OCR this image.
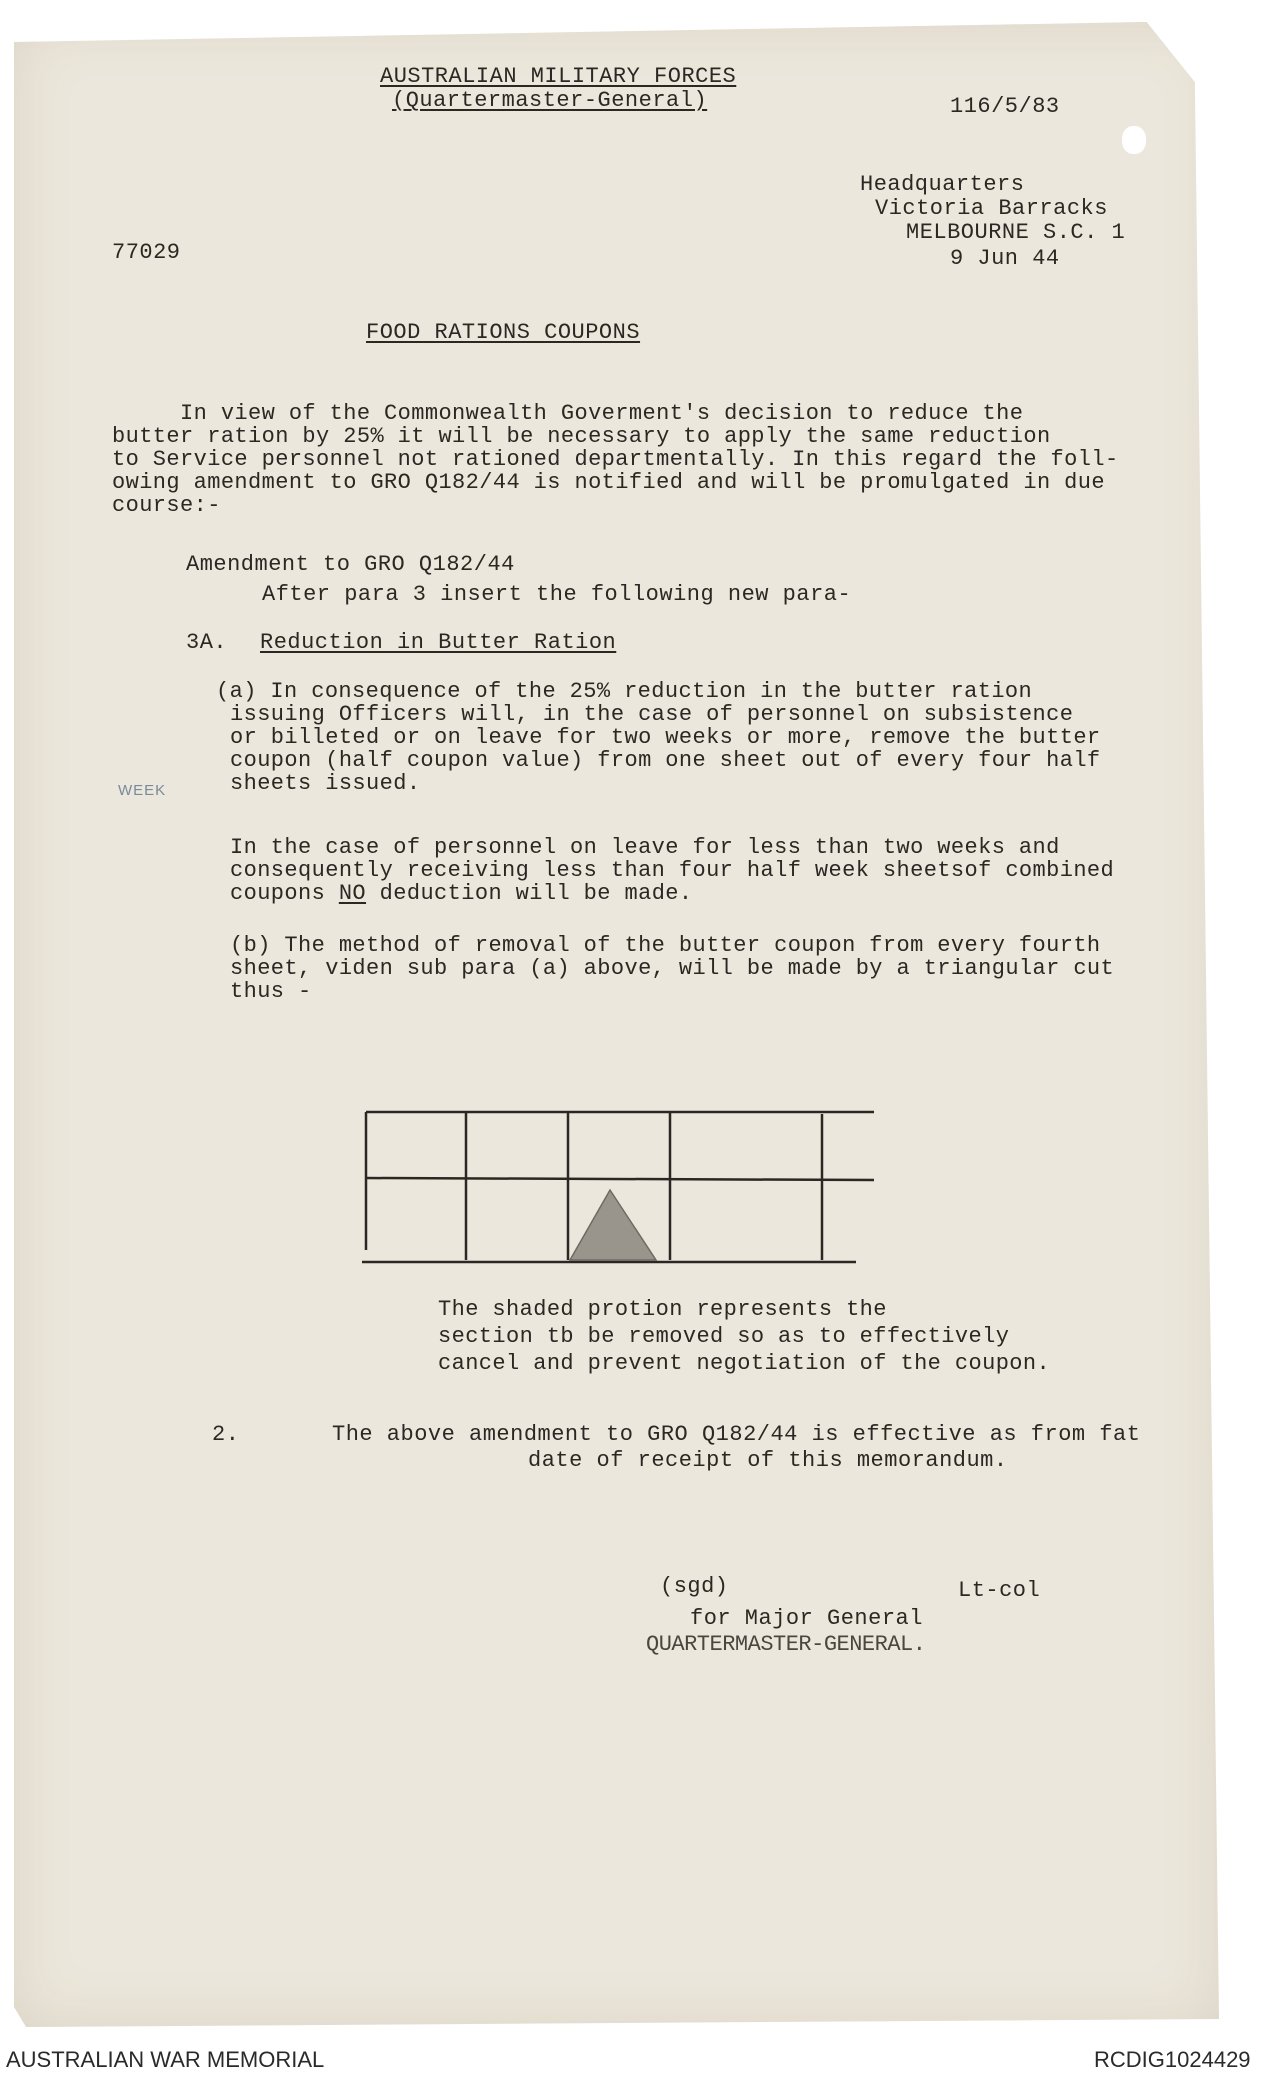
AUSTRALIAN MILITARY FORCES
(Quartermaster-General)	116/5/83
Headquarters
Victoria Barracks
MELBOURNE S.C. 1
9 Jun 44
77029
FOOD RATIONS COUPONS
In view of the Commonwealth Goverment's decision to reduce the
butter ration by 25% it will be necessary to apply the same reduction
to Service personnel not rationed departmentally. In this regard the foll-
owing amendment to GRO Q182/44 is notified and will be promulgated in due
course:-
Amendment to GRO Q182/44
After para 3 insert the following new para-
3A. Reduction in Butter Ration
(a) In consequence of the 25% reduction in the butter ration
issuing Officers will, in the case of personnel on subsistence
or billeted or on leave for two weeks or more, remove the butter
coupon (half coupon value) from one sheet out of every four half
sheets issued.
WEEK
In the case of personnel on leave for less than two weeks and
consequently receiving less than four half week sheetsof combined
coupons NO deduction will be made.
(b) The method of removal of the butter coupon from every fourth
sheet, viden sub para (a) above, will be made by a triangular cut
thus -
The shaded protion represents the
section tb be removed so as to effectively
cancel and prevent negotiation of the coupon.
2.	The above amendment to GRO Q182/44 is effective as from fat
date of receipt of this memorandum.
(sgd)	Lt-col
for Major General
QUARTERMASTER-GENERAL.
AUSTRALIAN WAR MEMORIAL	RCDIG1024429
